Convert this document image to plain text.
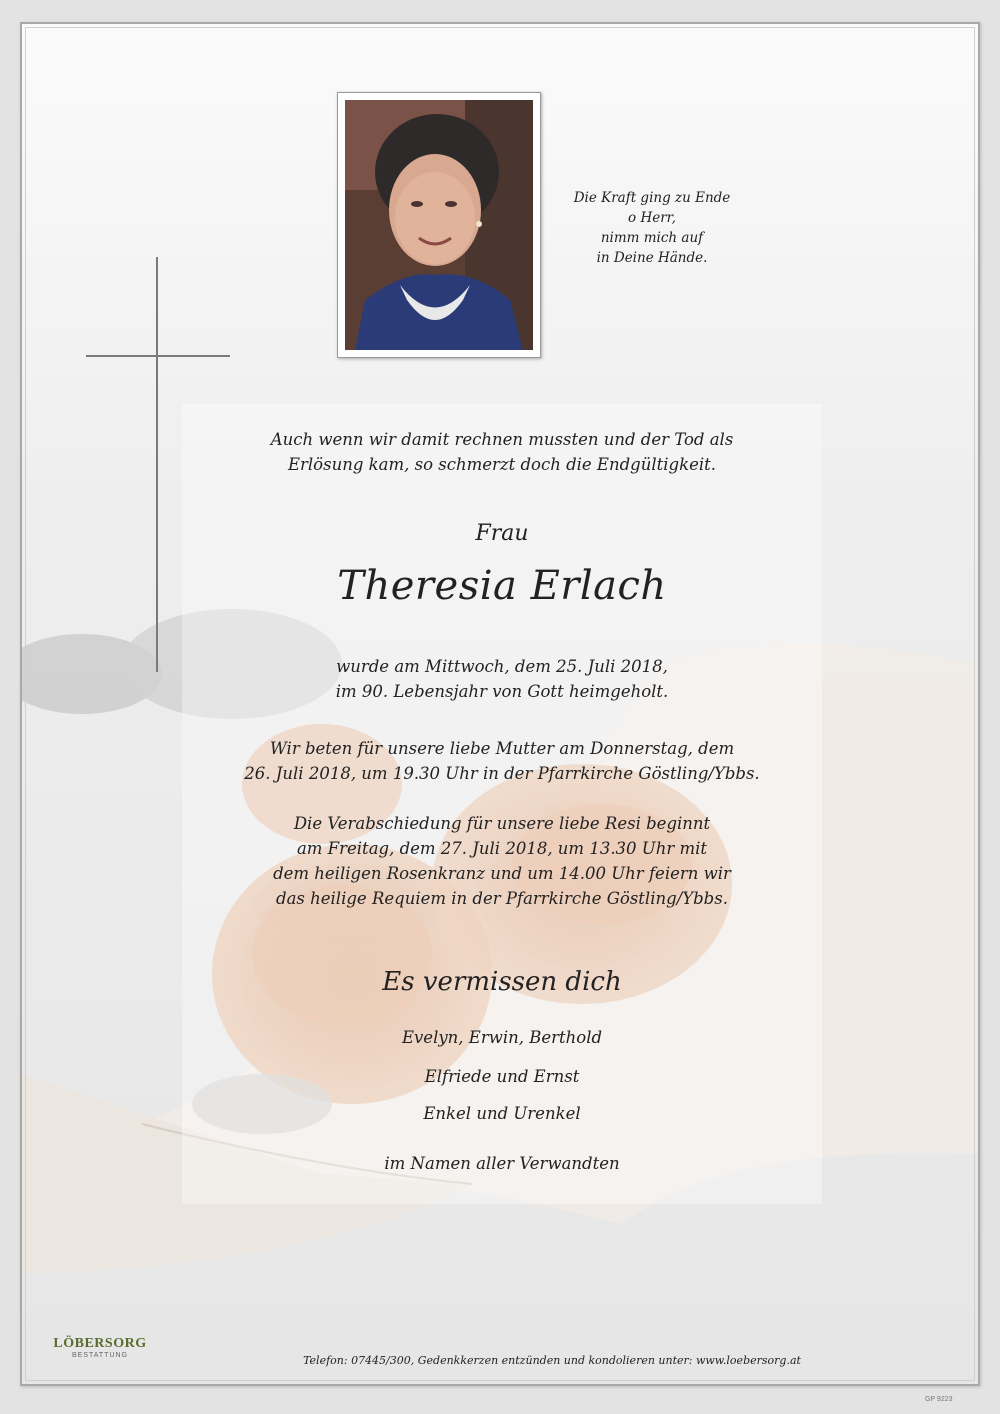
Die Kraft ging zu Ende
o Herr,
nimm mich auf
in Deine Hände.
Auch wenn wir damit rechnen mussten und der Tod als
Erlösung kam, so schmerzt doch die Endgültigkeit.
Frau
Theresia Erlach
wurde am Mittwoch, dem 25. Juli 2018,
im 90. Lebensjahr von Gott heimgeholt.
Wir beten für unsere liebe Mutter am Donnerstag, dem
26. Juli 2018, um 19.30 Uhr in der Pfarrkirche Göstling/Ybbs.
Die Verabschiedung für unsere liebe Resi beginnt
am Freitag, dem 27. Juli 2018, um 13.30 Uhr mit
dem heiligen Rosenkranz und um 14.00 Uhr feiern wir
das heilige Requiem in der Pfarrkirche Göstling/Ybbs.
Es vermissen dich
Evelyn, Erwin, Berthold
Elfriede und Ernst
Enkel und Urenkel
im Namen aller Verwandten
LÖBERSORG
BESTATTUNG	Telefon: 07445/300, Gedenkkerzen entzünden und kondolieren unter: www.loebersorg.at
GP 9223
